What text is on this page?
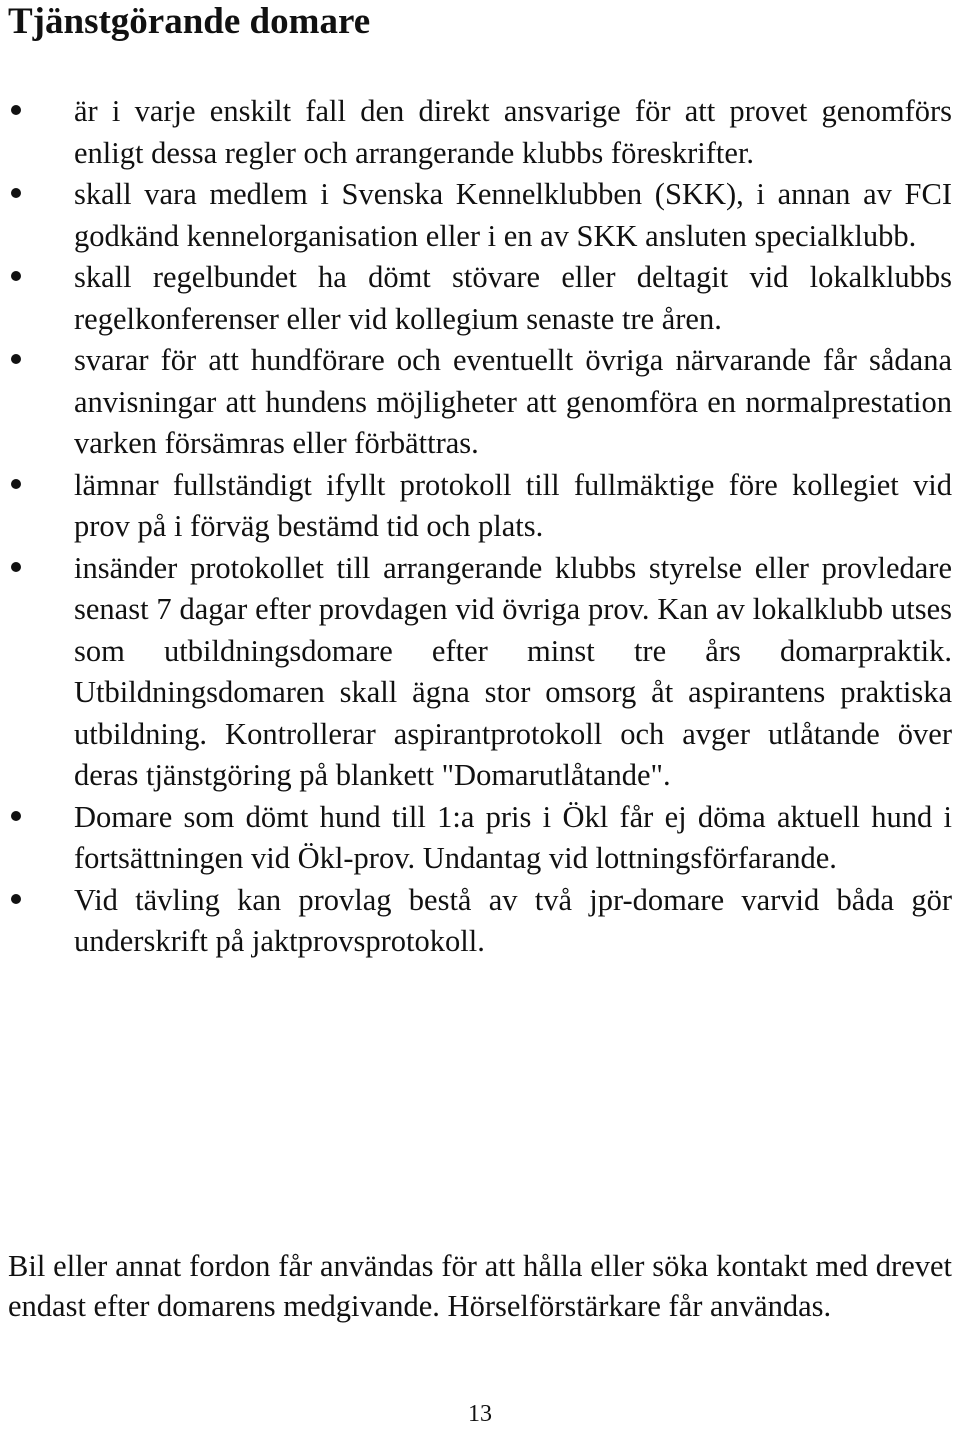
Tjänstgörande domare
är i varje enskilt fall den direkt ansvarige för att provet genomförs enligt dessa regler och arrangerande klubbs föreskrifter.
skall vara medlem i Svenska Kennelklubben (SKK), i annan av FCI godkänd kennelorganisation eller i en av SKK ansluten specialklubb.
skall regelbundet ha dömt stövare eller deltagit vid lokalklubbs regelkonferenser eller vid kollegium senaste tre åren.
svarar för att hundförare och eventuellt övriga närvarande får sådana anvisningar att hundens möjligheter att genomföra en normalprestation varken försämras eller förbättras.
lämnar fullständigt ifyllt protokoll till fullmäktige före kollegiet vid prov på i förväg bestämd tid och plats.
insänder protokollet till arrangerande klubbs styrelse eller provledare senast 7 dagar efter provdagen vid övriga prov. Kan av lokalklubb utses som utbildningsdomare efter minst tre års domarpraktik. Utbildningsdomaren skall ägna stor omsorg åt aspirantens praktiska utbildning. Kontrollerar aspirantprotokoll och avger utlåtande över deras tjänstgöring på blankett "Domarutlåtande".
Domare som dömt hund till 1:a pris i Ökl får ej döma aktuell hund i fortsättningen vid Ökl-prov. Undantag vid lottningsförfarande.
Vid tävling kan provlag bestå av två jpr-domare varvid båda gör underskrift på jaktprovsprotokoll.

Bil eller annat fordon får användas för att hålla eller söka kontakt med drevet endast efter domarens medgivande. Hörselförstärkare får användas.

13
